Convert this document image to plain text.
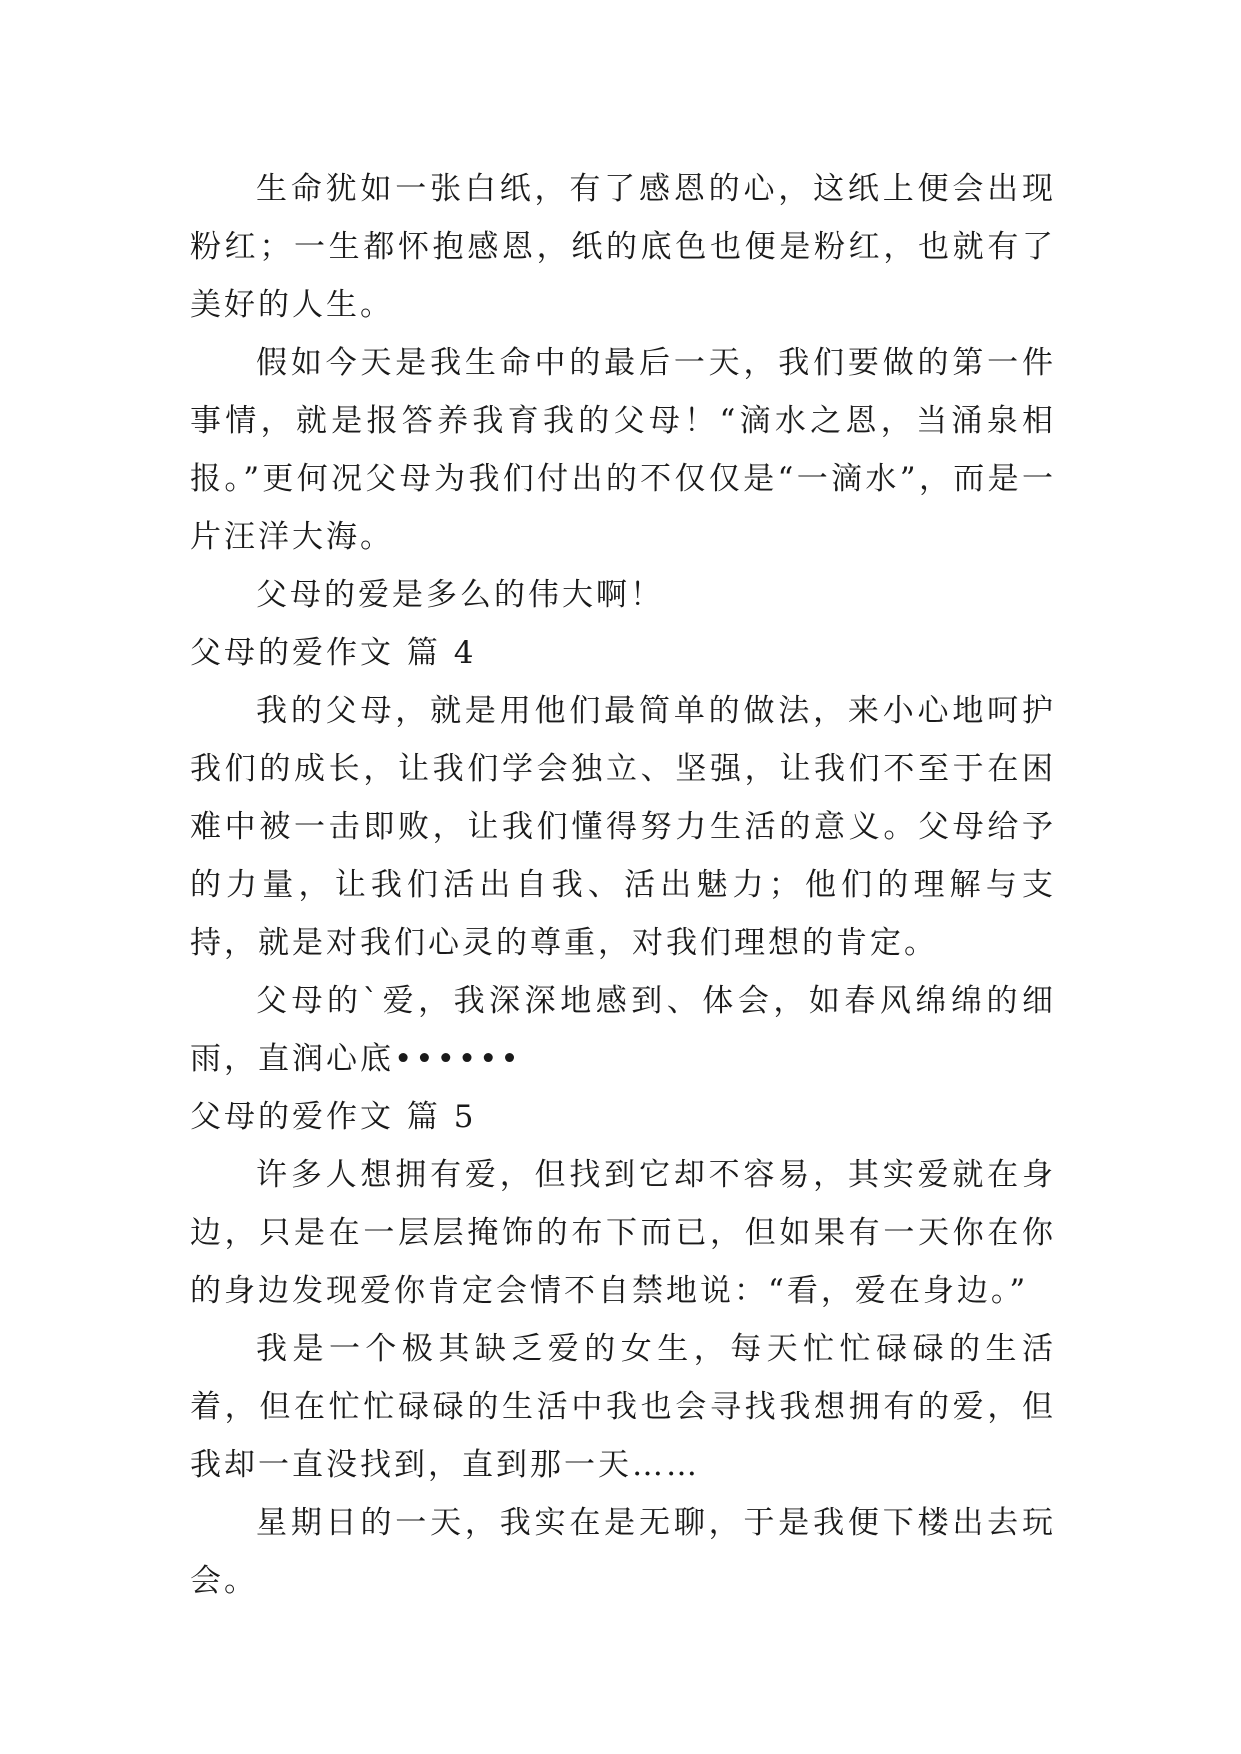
生命犹如一张白纸，有了感恩的心，这纸上便会出现粉红；一生都怀抱感恩，纸的底色也便是粉红，也就有了美好的人生。

假如今天是我生命中的最后一天，我们要做的第一件事情，就是报答养我育我的父母！“滴水之恩，当涌泉相报。”更何况父母为我们付出的不仅仅是“一滴水”，而是一片汪洋大海。

父母的爱是多么的伟大啊！

父母的爱作文 篇 4

我的父母，就是用他们最简单的做法，来小心地呵护我们的成长，让我们学会独立、坚强，让我们不至于在困难中被一击即败，让我们懂得努力生活的意义。父母给予的力量，让我们活出自我、活出魅力；他们的理解与支持，就是对我们心灵的尊重，对我们理想的肯定。

父母的`爱，我深深地感到、体会，如春风绵绵的细雨，直润心底••••••

父母的爱作文 篇 5

许多人想拥有爱，但找到它却不容易，其实爱就在身边，只是在一层层掩饰的布下而已，但如果有一天你在你的身边发现爱你肯定会情不自禁地说：“看，爱在身边。”

我是一个极其缺乏爱的女生，每天忙忙碌碌的生活着，但在忙忙碌碌的生活中我也会寻找我想拥有的爱，但我却一直没找到，直到那一天……

星期日的一天，我实在是无聊，于是我便下楼出去玩会。
